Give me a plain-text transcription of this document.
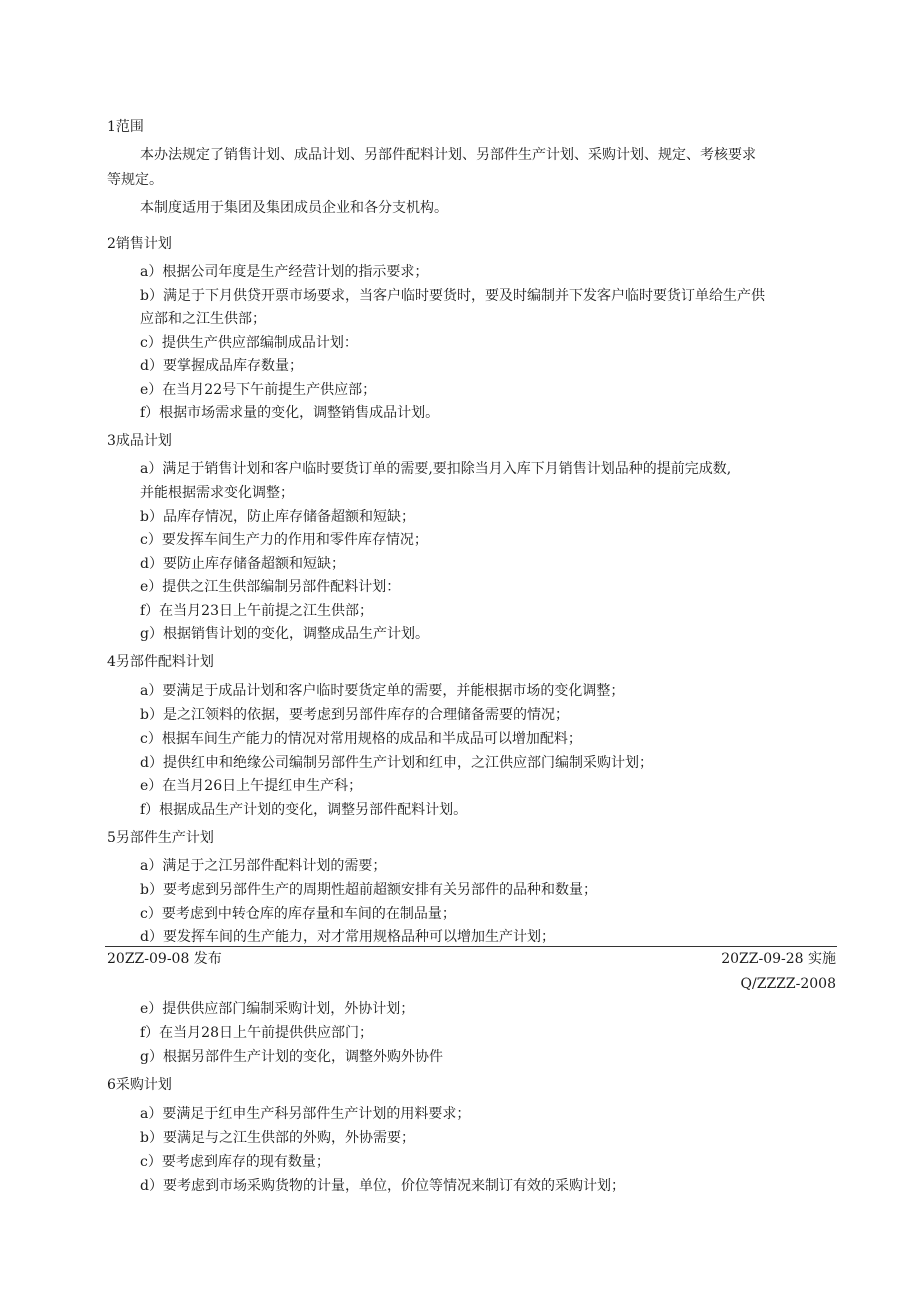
1范围
本办法规定了销售计划、成品计划、另部件配料计划、另部件生产计划、采购计划、规定、考核要求
等规定。
本制度适用于集团及集团成员企业和各分支机构。
2销售计划
a）根据公司年度是生产经营计划的指示要求；
b）满足于下月供贷开票市场要求，当客户临时要货时，要及时编制并下发客户临时要货订单给生产供
应部和之江生供部；
c）提供生产供应部编制成品计划：
d）要掌握成品库存数量；
e）在当月22号下午前提生产供应部；
f）根据市场需求量的变化，调整销售成品计划。
3成品计划
a）满足于销售计划和客户临时要货订单的需要,要扣除当月入库下月销售计划品种的提前完成数,
并能根据需求变化调整；
b）品库存情况，防止库存储备超额和短缺；
c）要发挥车间生产力的作用和零件库存情况；
d）要防止库存储备超额和短缺；
e）提供之江生供部编制另部件配料计划：
f）在当月23日上午前提之江生供部；
g）根据销售计划的变化，调整成品生产计划。
4另部件配料计划
a）要满足于成品计划和客户临时要货定单的需要，并能根据市场的变化调整；
b）是之江领料的依据，要考虑到另部件库存的合理储备需要的情况；
c）根据车间生产能力的情况对常用规格的成品和半成品可以增加配料；
d）提供红申和绝缘公司编制另部件生产计划和红申，之江供应部门编制采购计划；
e）在当月26日上午提红申生产科；
f）根据成品生产计划的变化，调整另部件配料计划。
5另部件生产计划
a）满足于之江另部件配料计划的需要；
b）要考虑到另部件生产的周期性超前超额安排有关另部件的品种和数量；
c）要考虑到中转仓库的库存量和车间的在制品量；
d）要发挥车间的生产能力，对才常用规格品种可以增加生产计划；
20ZZ-09-08 发布	20ZZ-09-28 实施
Q/ZZZZ-2008
e）提供供应部门编制采购计划，外协计划；
f）在当月28日上午前提供供应部门；
g）根据另部件生产计划的变化，调整外购外协件
6采购计划
a）要满足于红申生产科另部件生产计划的用料要求；
b）要满足与之江生供部的外购，外协需要；
c）要考虑到库存的现有数量；
d）要考虑到市场采购货物的计量，单位，价位等情况来制订有效的采购计划；
